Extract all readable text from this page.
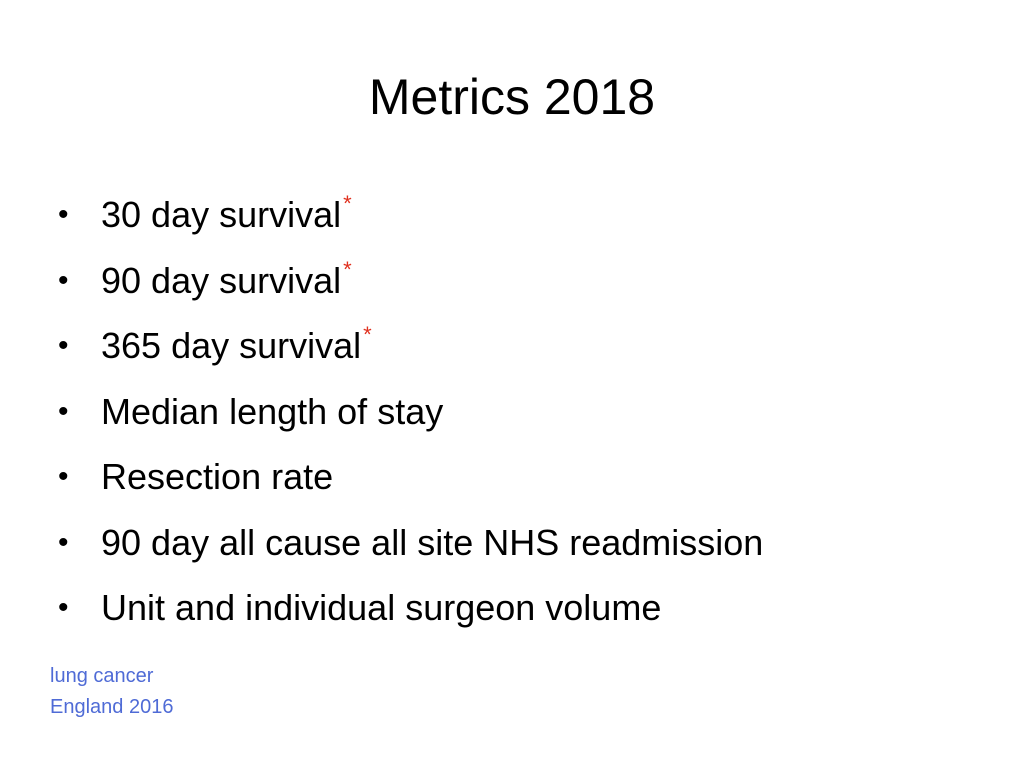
Metrics 2018
• 30 day survival*
• 90 day survival*
• 365 day survival*
• Median length of stay
• Resection rate
• 90 day all cause all site NHS readmission
• Unit and individual surgeon volume
lung cancer
England 2016
